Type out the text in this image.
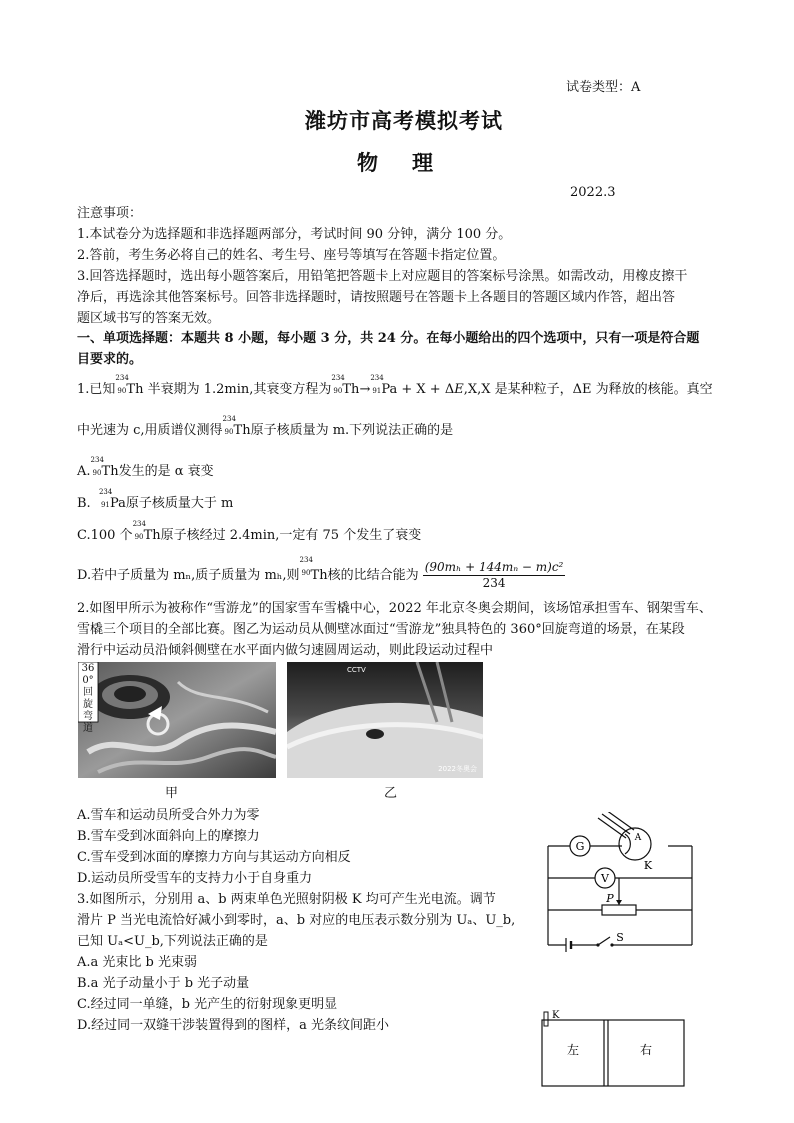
试卷类型：A
潍坊市高考模拟考试
物理
2022.3
注意事项：
1.本试卷分为选择题和非选择题两部分，考试时间 90 分钟，满分 100 分。
2.答前，考生务必将自己的姓名、考生号、座号等填写在答题卡指定位置。
3.回答选择题时，选出每小题答案后，用铅笔把答题卡上对应题目的答案标号涂黑。如需改动，用橡皮擦干
净后，再选涂其他答案标号。回答非选择题时，请按照题号在答题卡上各题目的答题区域内作答，超出答
题区域书写的答案无效。
一、单项选择题：本题共 8 小题，每小题 3 分，共 24 分。在每小题给出的四个选项中，只有一项是符合题
目要求的。
1.已知
234
90 Th 半衰期为 1.2min,其衰变方程为
234
90 Th→
234
91 Pa + X + ΔE,X,X 是某种粒子，ΔE 为释放的核能。真空
中光速为 c,用质谱仪测得
234
90 Th原子核质量为 m.下列说法正确的是
A.
234
90 Th发生的是 α 衰变
B.
234
91 Pa原子核质量大于 m
C.100 个
234
90 Th原子核经过 2.4min,一定有 75 个发生了衰变
D.若中子质量为 mₙ,质子质量为 mₕ,则
234
90 Th核的比结合能为 $\frac{\text{(90mₕ + 144mₙ − m)c²}}{234}$
2.如图甲所示为被称作“雪游龙”的国家雪车雪橇中心，2022 年北京冬奥会期间，该场馆承担雪车、钢架雪车、
雪橇三个项目的全部比赛。图乙为运动员从侧壁冰面过“雪游龙”独具特色的 360°回旋弯道的场景，在某段
滑行中运动员沿倾斜侧壁在水平面内做匀速圆周运动，则此段运动过程中
360°回旋弯道
甲
CCTV
2022冬奥会
乙
A.雪车和运动员所受合外力为零
B.雪车受到冰面斜向上的摩擦力
C.雪车受到冰面的摩擦力方向与其运动方向相反
D.运动员所受雪车的支持力小于自身重力
3.如图所示，分别用 a、b 两束单色光照射阴极 K 均可产生光电流。调节
滑片 P 当光电流恰好减小到零时，a、b 对应的电压表示数分别为 Uₐ、U_b,
已知 Uₐ<U_b,下列说法正确的是
A.a 光束比 b 光束弱
B.a 光子动量小于 b 光子动量
C.经过同一单缝，b 光产生的衍射现象更明显
D.经过同一双缝干涉装置得到的图样，a 光条纹间距小
G
V
A
K
P
S
K
左	右
